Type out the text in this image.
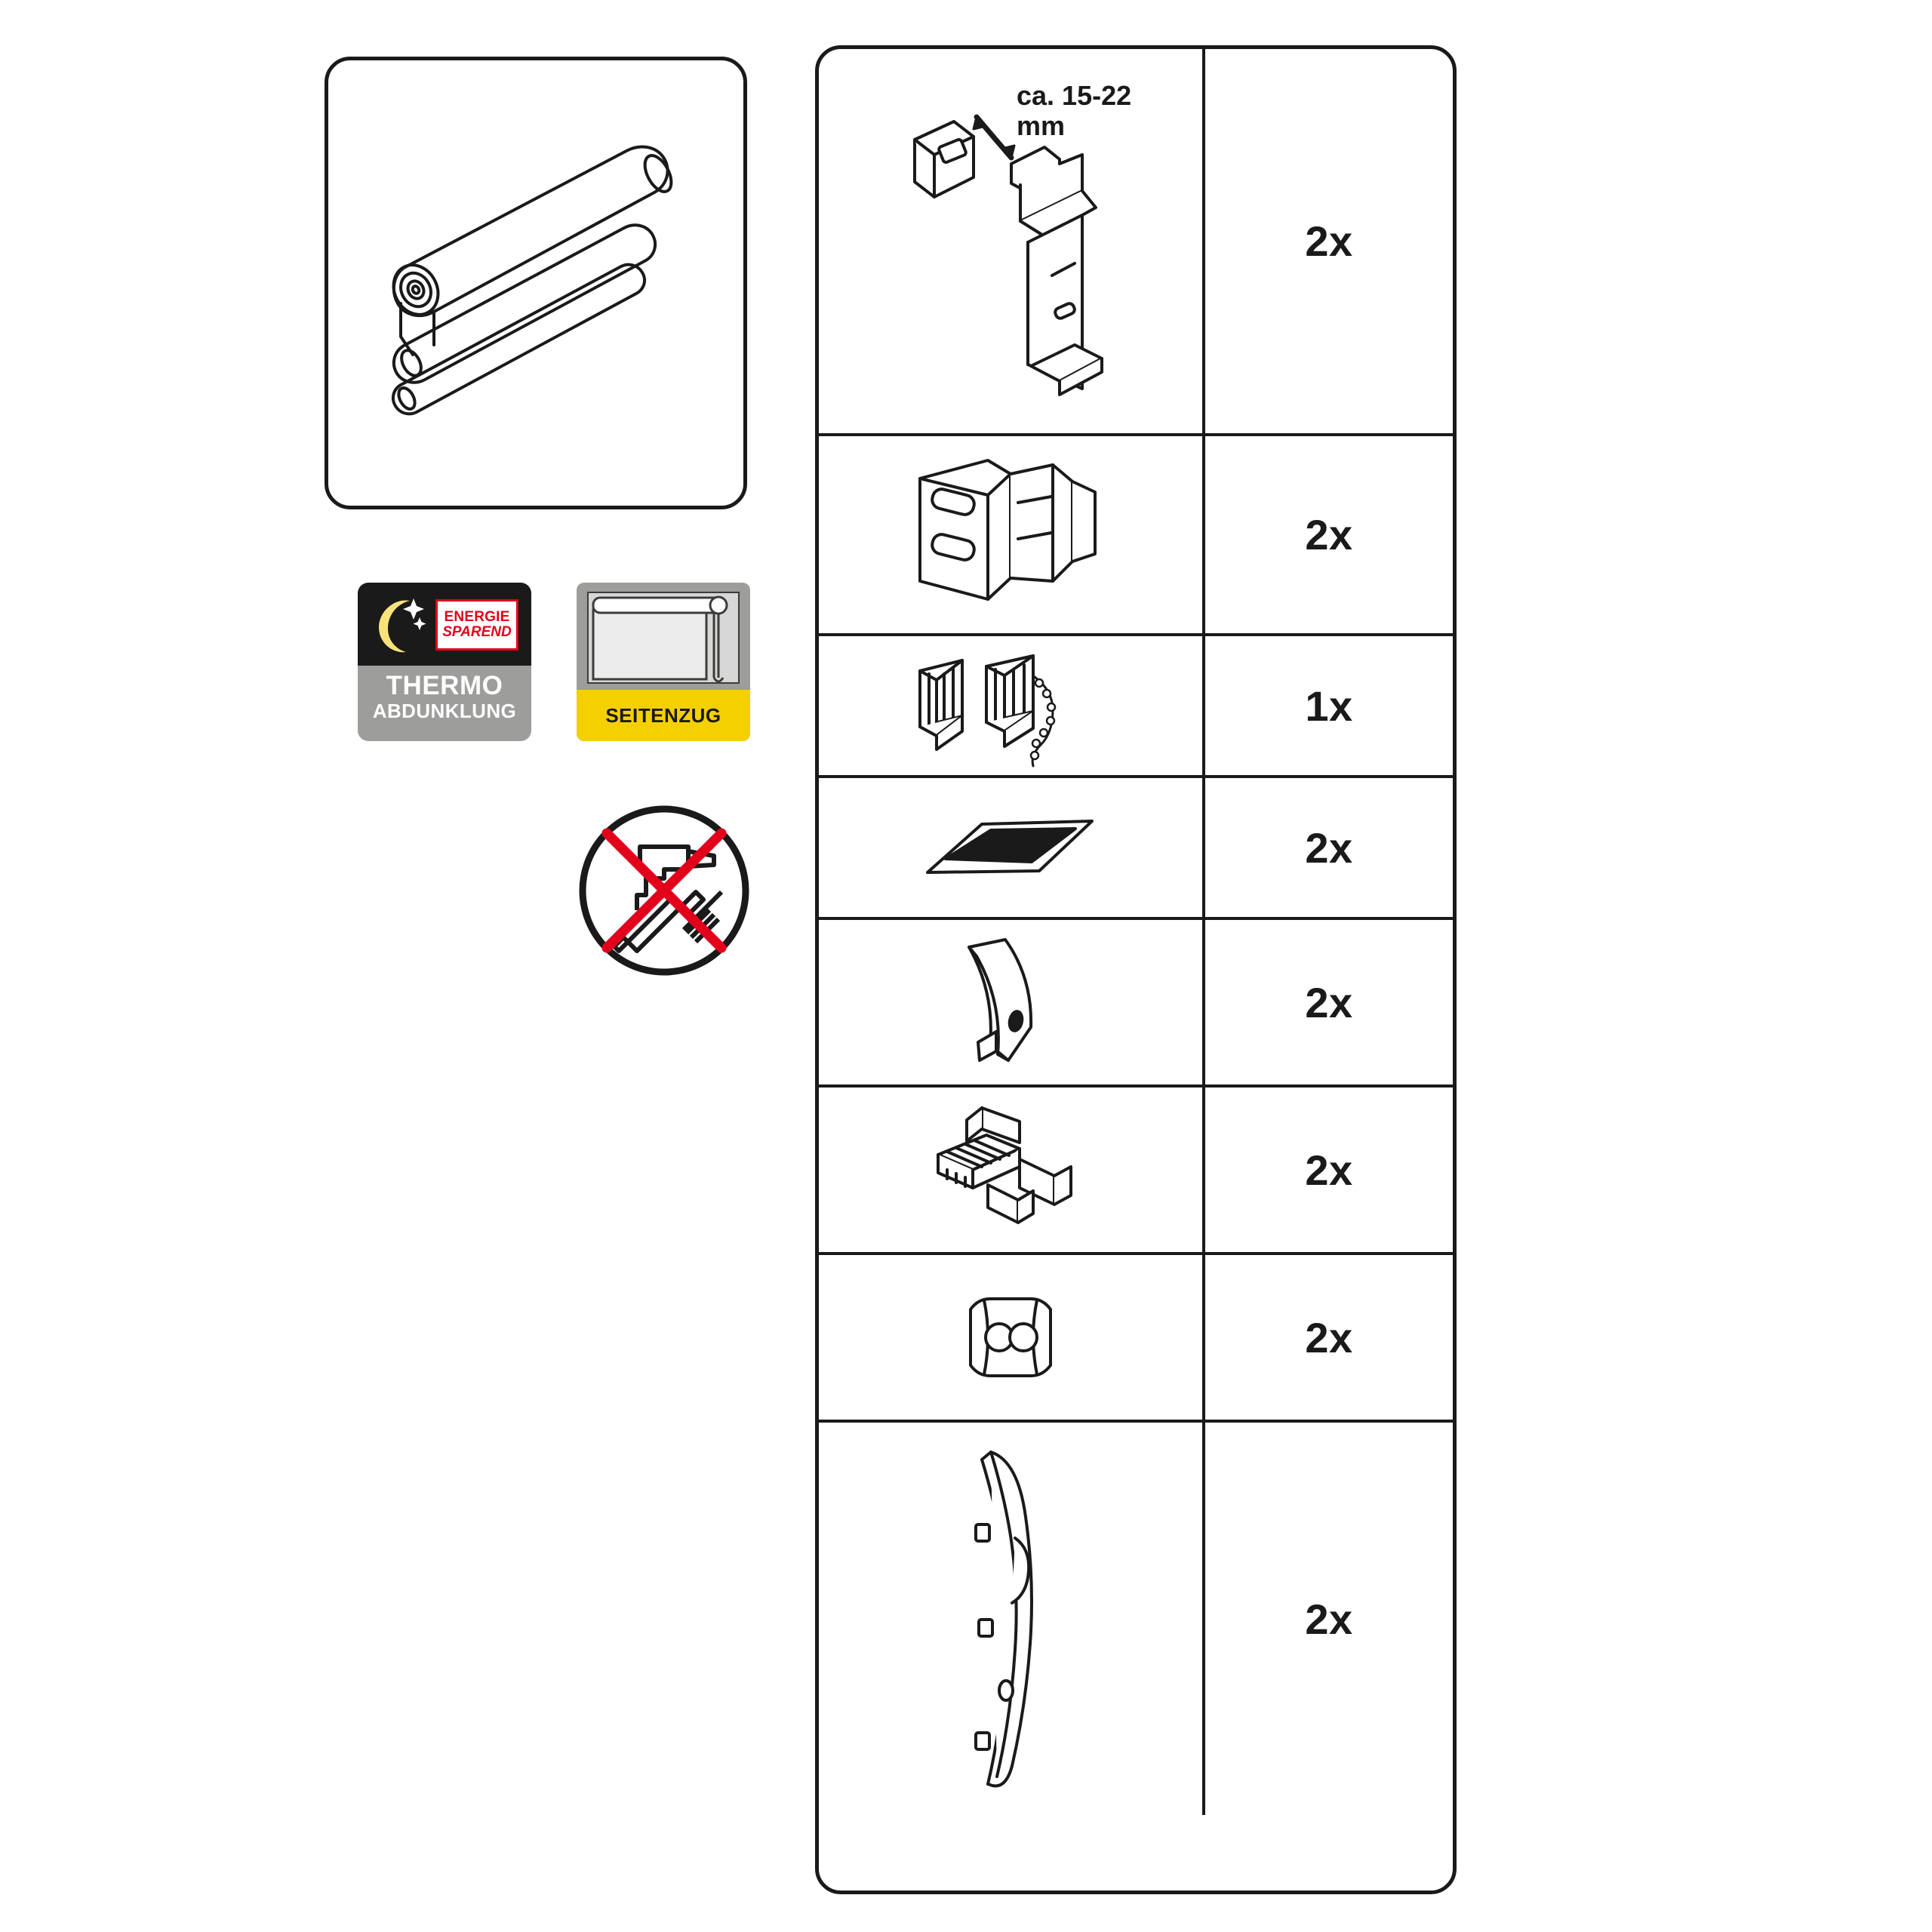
ENERGIE
SPAREND
THERMO
ABDUNKLUNG	SEITENZUG
ca. 15-22
mm
2x
2x
1x
2x
2x
2x
2x
2x
